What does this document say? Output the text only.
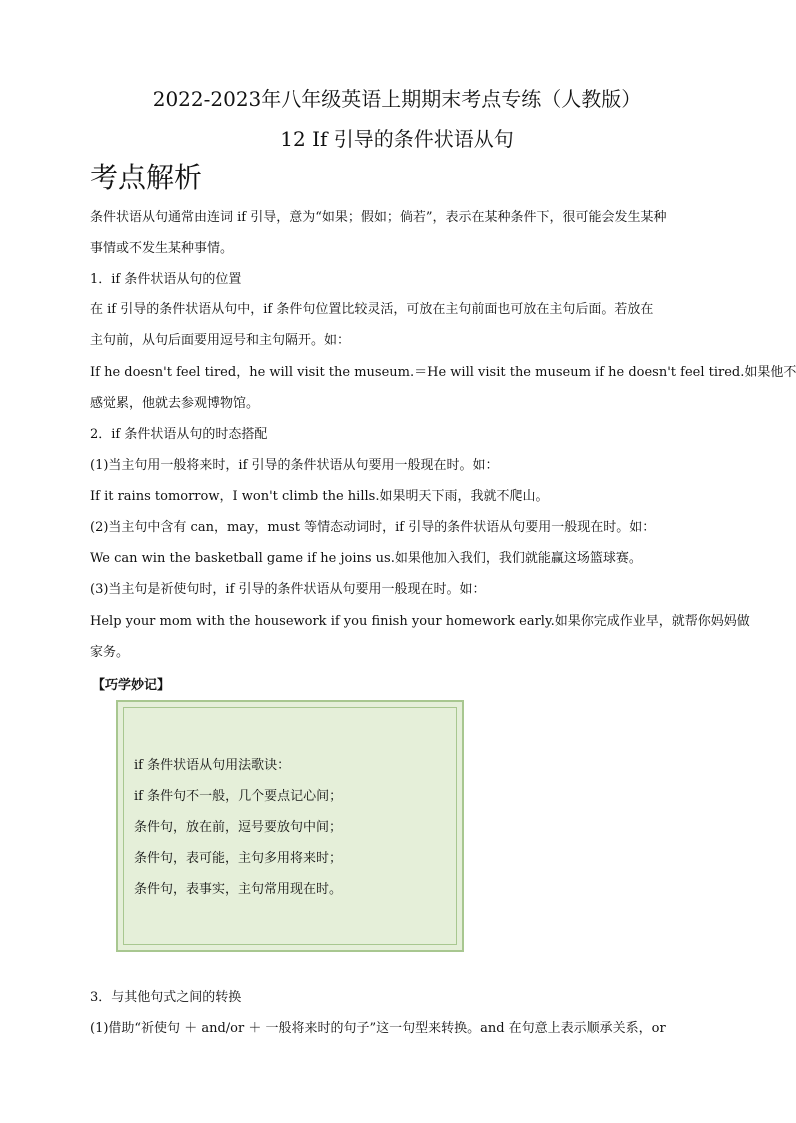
2022-2023年八年级英语上期期末考点专练（人教版）
12 If 引导的条件状语从句
考点解析
条件状语从句通常由连词 if 引导，意为“如果；假如；倘若”，表示在某种条件下，很可能会发生某种
事情或不发生某种事情。
1．if 条件状语从句的位置
在 if 引导的条件状语从句中，if 条件句位置比较灵活，可放在主句前面也可放在主句后面。若放在
主句前，从句后面要用逗号和主句隔开。如：
If he doesn't feel tired，he will visit the museum.＝He will visit the museum if he doesn't feel tired.如果他不
感觉累，他就去参观博物馆。
2．if 条件状语从句的时态搭配
(1)当主句用一般将来时，if 引导的条件状语从句要用一般现在时。如：
If it rains tomorrow，I won't climb the hills.如果明天下雨，我就不爬山。
(2)当主句中含有 can，may，must 等情态动词时，if 引导的条件状语从句要用一般现在时。如：
We can win the basketball game if he joins us.如果他加入我们，我们就能赢这场篮球赛。
(3)当主句是祈使句时，if 引导的条件状语从句要用一般现在时。如：
Help your mom with the housework if you finish your homework early.如果你完成作业早，就帮你妈妈做
家务。
【巧学妙记】
if 条件状语从句用法歌诀：
if 条件句不一般，几个要点记心间；
条件句，放在前，逗号要放句中间；
条件句，表可能，主句多用将来时；
条件句，表事实，主句常用现在时。
3．与其他句式之间的转换
(1)借助“祈使句 ＋ and/or ＋ 一般将来时的句子”这一句型来转换。and 在句意上表示顺承关系，or
